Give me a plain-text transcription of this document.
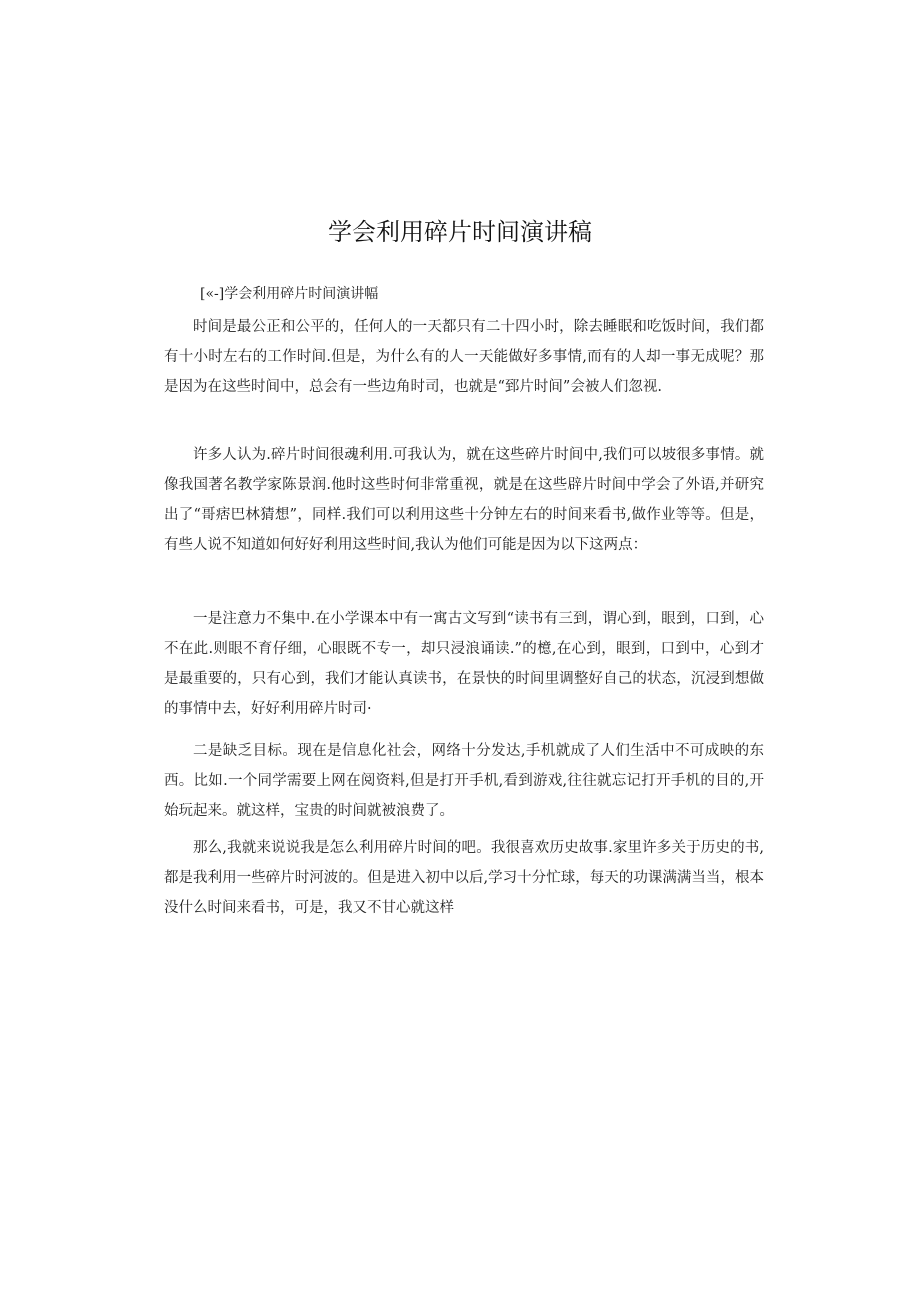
学会利用碎片时间演讲稿
[«-]学会利用碎片时间演讲幅

时间是最公正和公平的，任何人的一天都只有二十四小时，除去睡眠和吃饭时间，我们都有十小时左右的工作时间.但是，为什么有的人一天能做好多事情,而有的人却一事无成呢？那是因为在这些时间中，总会有一些边角时司，也就是“郅片时间”会被人们忽视.

许多人认为.碎片时间很魂利用.可我认为，就在这些碎片时间中,我们可以坡很多事情。就像我国著名教学家陈景润.他时这些时何非常重视，就是在这些辟片时间中学会了外语,并研究出了“哥痞巴林猜想”，同样.我们可以利用这些十分钟左右的时间来看书,做作业等等。但是，有些人说不知道如何好好利用这些时间,我认为他们可能是因为以下这两点：

一是注意力不集中.在小学课本中有一寓古文写到“读书有三到，谓心到，眼到，口到，心不在此.则眼不育仔细，心眼既不专一，却只浸浪诵读.”的檍,在心到，眼到，口到中，心到才是最重要的，只有心到，我们才能认真读书，在景快的时间里调整好自己的状态，沉浸到想做的事情中去，好好利用碎片时司·

二是缺乏目标。现在是信息化社会，网络十分发达,手机就成了人们生活中不可成映的东西。比如.一个同学需要上网在阅资料,但是打开手机,看到游戏,往往就忘记打开手机的目的,开始玩起来。就这样，宝贵的时间就被浪费了。

那么,我就来说说我是怎么利用碎片时间的吧。我很喜欢历史故事.家里许多关于历史的书,都是我利用一些碎片时河波的。但是进入初中以后,学习十分忙球，每天的功课满满当当，根本没什么时间来看书，可是，我又不甘心就这样
